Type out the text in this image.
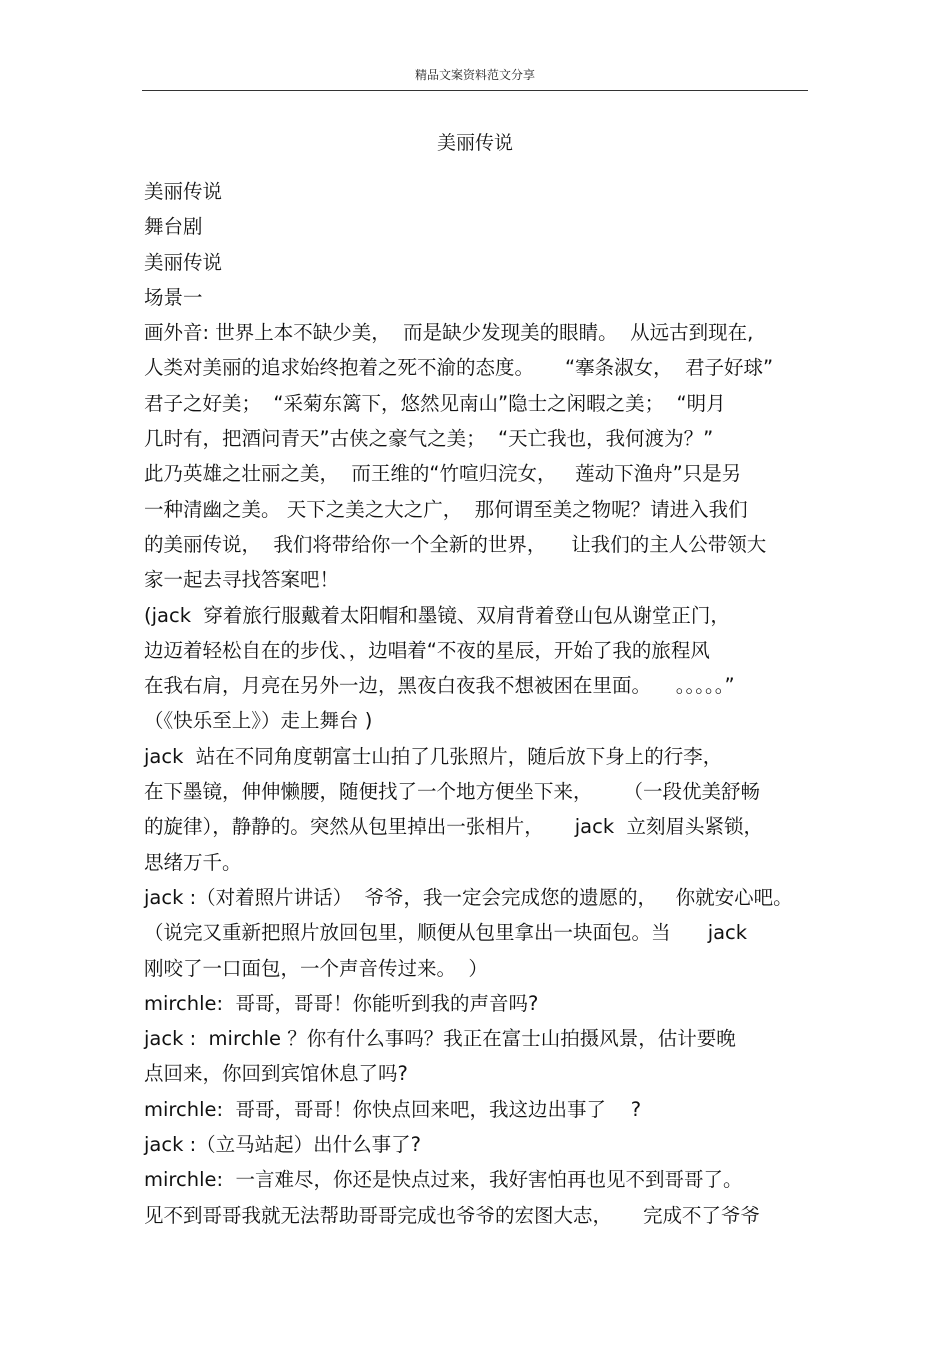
精品文案资料范文分享
美丽传说
美丽传说
舞台剧
美丽传说
场景一
画外音: 世界上本不缺少美，  而是缺少发现美的眼睛。  从远古到现在,
人类对美丽的追求始终抱着之死不渝的态度。     “搴条淑女，  君子好球”
君子之好美；  “采菊东篱下，悠然见南山”隐士之闲暇之美；  “明月
几时有，把酒问青天”古侠之豪气之美；  “天亡我也，我何渡为？”
此乃英雄之壮丽之美，  而王维的“竹喧归浣女，   莲动下渔舟”只是另
一种清幽之美。 天下之美之大之广，  那何谓至美之物呢？请进入我们
的美丽传说，  我们将带给你一个全新的世界，    让我们的主人公带领大
家一起去寻找答案吧！
(jack  穿着旅行服戴着太阳帽和墨镜、双肩背着登山包从谢堂正门，
边迈着轻松自在的步伐、，边唱着“不夜的星辰，开始了我的旅程风
在我右肩，月亮在另外一边，黑夜白夜我不想被困在里面。    。。。。。”
（《快乐至上》）走上舞台 )
jack  站在不同角度朝富士山拍了几张照片，随后放下身上的行李，
在下墨镜，伸伸懒腰，随便找了一个地方便坐下来，     （一段优美舒畅
的旋律），静静的。突然从包里掉出一张相片，     jack  立刻眉头紧锁，
思绪万千。
jack :（对着照片讲话）  爷爷，我一定会完成您的遗愿的，   你就安心吧。
（说完又重新把照片放回包里，顺便从包里拿出一块面包。当      jack
刚咬了一口面包，一个声音传过来。  ）
mirchle:  哥哥，哥哥！你能听到我的声音吗?
jack :  mirchle ？你有什么事吗？我正在富士山拍摄风景，估计要晚
点回来，你回到宾馆休息了吗?
mirchle:  哥哥，哥哥！你快点回来吧，我这边出事了    ?
jack :（立马站起）出什么事了?
mirchle:  一言难尽，你还是快点过来，我好害怕再也见不到哥哥了。
见不到哥哥我就无法帮助哥哥完成也爷爷的宏图大志，     完成不了爷爷
